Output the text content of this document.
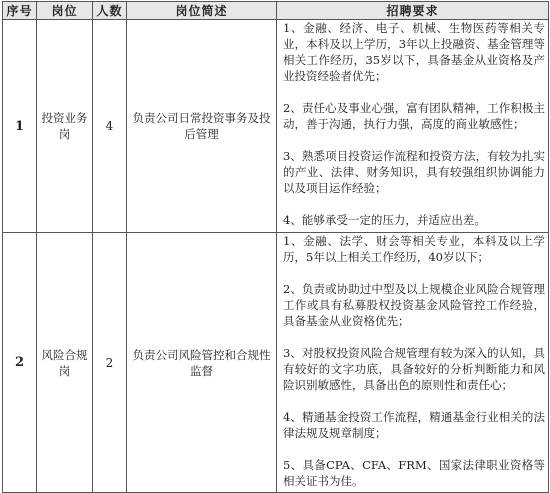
序号	岗位	人数	岗位简述	招聘要求
1	投资业务岗	4	负责公司日常投资事务及投后管理	1、金融、经济、电子、机械、生物医药等相关专业，本科及以上学历，3年以上投融资、基金管理等相关工作经历，35岁以下，具备基金从业资格及产业投资经验者优先；
2、责任心及事业心强，富有团队精神，工作积极主动，善于沟通，执行力强，高度的商业敏感性；
3、熟悉项目投资运作流程和投资方法，有较为扎实的产业、法律、财务知识，具有较强组织协调能力以及项目运作经验；
4、能够承受一定的压力，并适应出差。

2	风险合规岗	2	负责公司风险管控和合规性监督	1、金融、法学、财会等相关专业，本科及以上学历，5年以上相关工作经历，40岁以下；
2、负责或协助过中型及以上规模企业风险合规管理工作或具有私募股权投资基金风险管控工作经验，具备基金从业资格优先；
3、对股权投资风险合规管理有较为深入的认知，具有较好的文字功底，具备较好的分析判断能力和风险识别敏感性，具备出色的原则性和责任心；
4、精通基金投资工作流程，精通基金行业相关的法律法规及规章制度；
5、具备CPA、CFA、FRM、国家法律职业资格等相关证书为佳。
